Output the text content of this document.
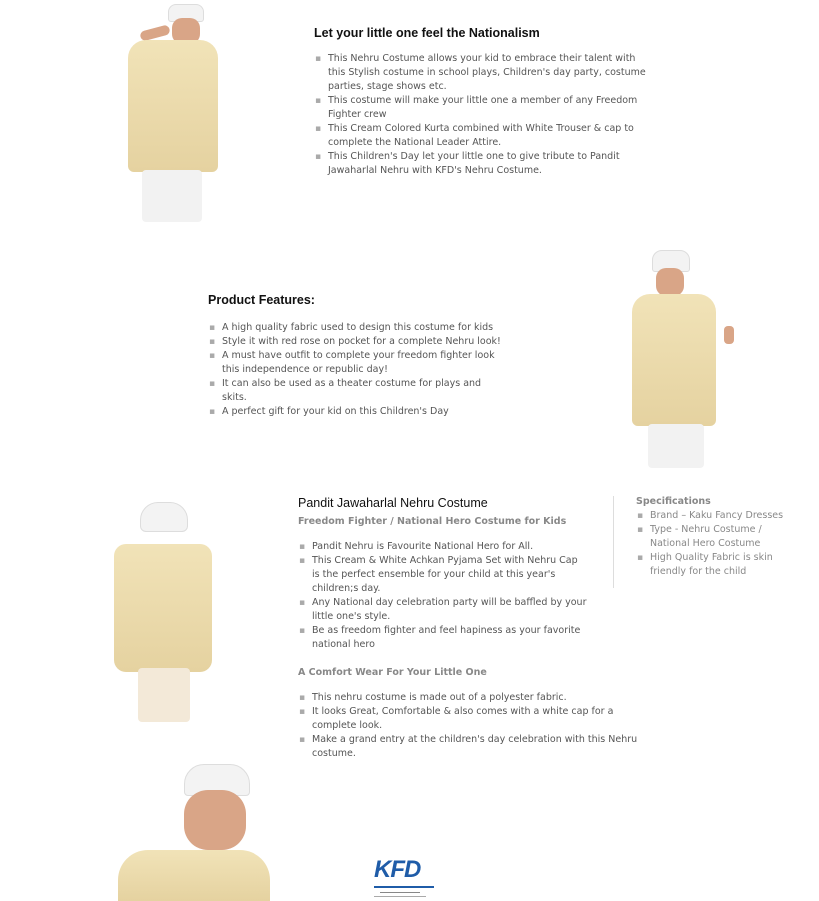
Let your little one feel the Nationalism
▪ This Nehru Costume allows your kid to embrace their talent with this Stylish costume in school plays, Children's day party, costume parties, stage shows etc.
▪ This costume will make your little one a member of any Freedom Fighter crew
▪ This Cream Colored Kurta combined with White Trouser & cap to complete the National Leader Attire.
▪ This Children's Day let your little one to give tribute to Pandit Jawaharlal Nehru with KFD's Nehru Costume.
Product Features:
▪ A high quality fabric used to design this costume for kids
▪ Style it with red rose on pocket for a complete Nehru look!
▪ A must have outfit to complete your freedom fighter look this independence or republic day!
▪ It can also be used as a theater costume for plays and skits.
▪ A perfect gift for your kid on this Children's Day
Pandit Jawaharlal Nehru Costume
Freedom Fighter / National Hero Costume for Kids
▪ Pandit Nehru is Favourite National Hero for All.
▪ This Cream & White Achkan Pyjama Set with Nehru Cap is the perfect ensemble for your child at this year's children;s day.
▪ Any National day celebration party will be baffled by your little one's style.
▪ Be as freedom fighter and feel hapiness as your favorite national hero
A Comfort Wear For Your Little One
▪ This nehru costume is made out of a polyester fabric.
▪ It looks Great, Comfortable & also comes with a white cap for a complete look.
▪ Make a grand entry at the children's day celebration with this Nehru costume.
Specifications
▪ Brand – Kaku Fancy Dresses
▪ Type - Nehru Costume / National Hero Costume
▪ High Quality Fabric is skin friendly for the child
KFD
